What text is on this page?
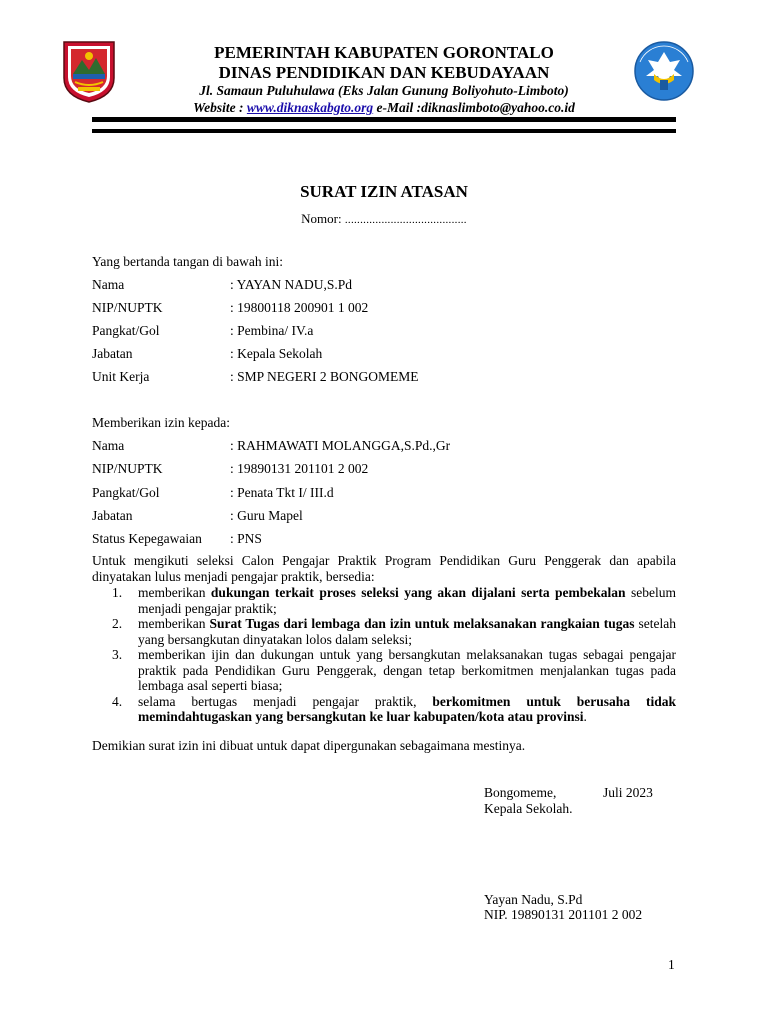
PEMERINTAH KABUPATEN GORONTALO
DINAS PENDIDIKAN DAN KEBUDAYAAN
Jl. Samaun Puluhulawa (Eks Jalan Gunung Boliyohuto-Limboto)
Website : www.diknaskabgto.org e-Mail :diknaslimboto@yahoo.co.id
SURAT IZIN ATASAN
Nomor: ........................................
Yang bertanda tangan di bawah ini:
Nama	: YAYAN NADU,S.Pd
NIP/NUPTK	: 19800118 200901 1 002
Pangkat/Gol	: Pembina/ IV.a
Jabatan	: Kepala Sekolah
Unit Kerja	: SMP NEGERI 2 BONGOMEME
Memberikan izin kepada:
Nama	: RAHMAWATI MOLANGGA,S.Pd.,Gr
NIP/NUPTK	: 19890131 201101 2 002
Pangkat/Gol	: Penata Tkt I/ III.d
Jabatan	: Guru Mapel
Status Kepegawaian : PNS
Untuk mengikuti seleksi Calon Pengajar Praktik Program Pendidikan Guru Penggerak dan apabila dinyatakan lulus menjadi pengajar praktik, bersedia:
1. memberikan dukungan terkait proses seleksi yang akan dijalani serta pembekalan sebelum menjadi pengajar praktik;
2. memberikan Surat Tugas dari lembaga dan izin untuk melaksanakan rangkaian tugas setelah yang bersangkutan dinyatakan lolos dalam seleksi;
3. memberikan ijin dan dukungan untuk yang bersangkutan melaksanakan tugas sebagai pengajar praktik pada Pendidikan Guru Penggerak, dengan tetap berkomitmen menjalankan tugas pada lembaga asal seperti biasa;
4. selama bertugas menjadi pengajar praktik, berkomitmen untuk berusaha tidak memindahtugaskan yang bersangkutan ke luar kabupaten/kota atau provinsi.
Demikian surat izin ini dibuat untuk dapat dipergunakan sebagaimana mestinya.
Bongomeme,	Juli 2023
Kepala Sekolah.
Yayan Nadu, S.Pd
NIP. 19890131 201101 2 002
1
